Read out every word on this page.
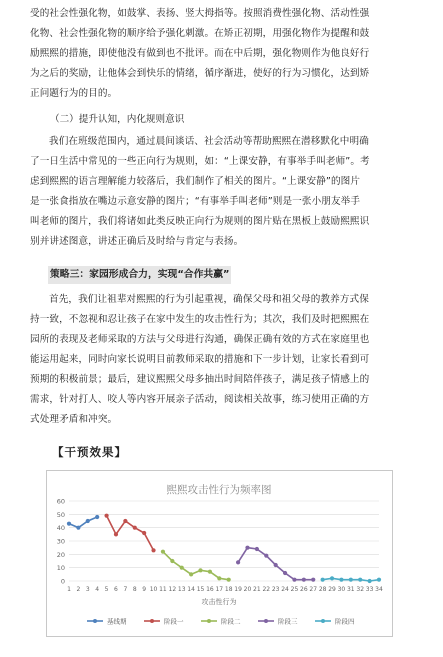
受的社会性强化物，如鼓掌、表扬、竖大拇指等。按照消费性强化物、活动性强
化物、社会性强化物的顺序给予强化刺激。在矫正初期，用强化物作为提醒和鼓
励熙熙的措施，即使他没有做到也不批评。而在中后期，强化物则作为他良好行
为之后的奖励，让他体会到快乐的情绪，循序渐进，使好的行为习惯化，达到矫
正问题行为的目的。
（二）提升认知，内化规则意识
我们在班级范围内，通过晨间谈话、社会活动等帮助熙熙在潜移默化中明确
了一日生活中常见的一些正向行为规则，如：“上课安静，有事举手叫老师”。考
虑到熙熙的语言理解能力较落后，我们制作了相关的图片。“上课安静”的图片
是一张食指放在嘴边示意安静的图片；“有事举手叫老师”则是一张小朋友举手
叫老师的图片，我们将诸如此类反映正向行为规则的图片贴在黑板上鼓励熙熙识
别并讲述图意，讲述正确后及时给与肯定与表扬。
策略三：家园形成合力，实现“合作共赢”
首先，我们让祖辈对熙熙的行为引起重视，确保父母和祖父母的教养方式保
持一致，不忽视和忍让孩子在家中发生的攻击性行为；其次，我们及时把熙熙在
园所的表现及老师采取的方法与父母进行沟通，确保正确有效的方式在家庭里也
能运用起来，同时向家长说明目前教师采取的措施和下一步计划，让家长看到可
预期的积极前景；最后，建议熙熙父母多抽出时间陪伴孩子，满足孩子情感上的
需求，针对打人、咬人等内容开展亲子活动，阅读相关故事，练习使用正确的方
式处理矛盾和冲突。
【干预效果】
熙熙攻击性行为频率图
0
10
20
30
40
50
60
1 2 3 4 5 6 7 8 9 10 11 12 13 14 15 16 17 18 19 20 21 22 23 24 25 26 27 28 29 30 31 32 33 34
攻击性行为
基线期	阶段一	阶段二	阶段三	阶段四
